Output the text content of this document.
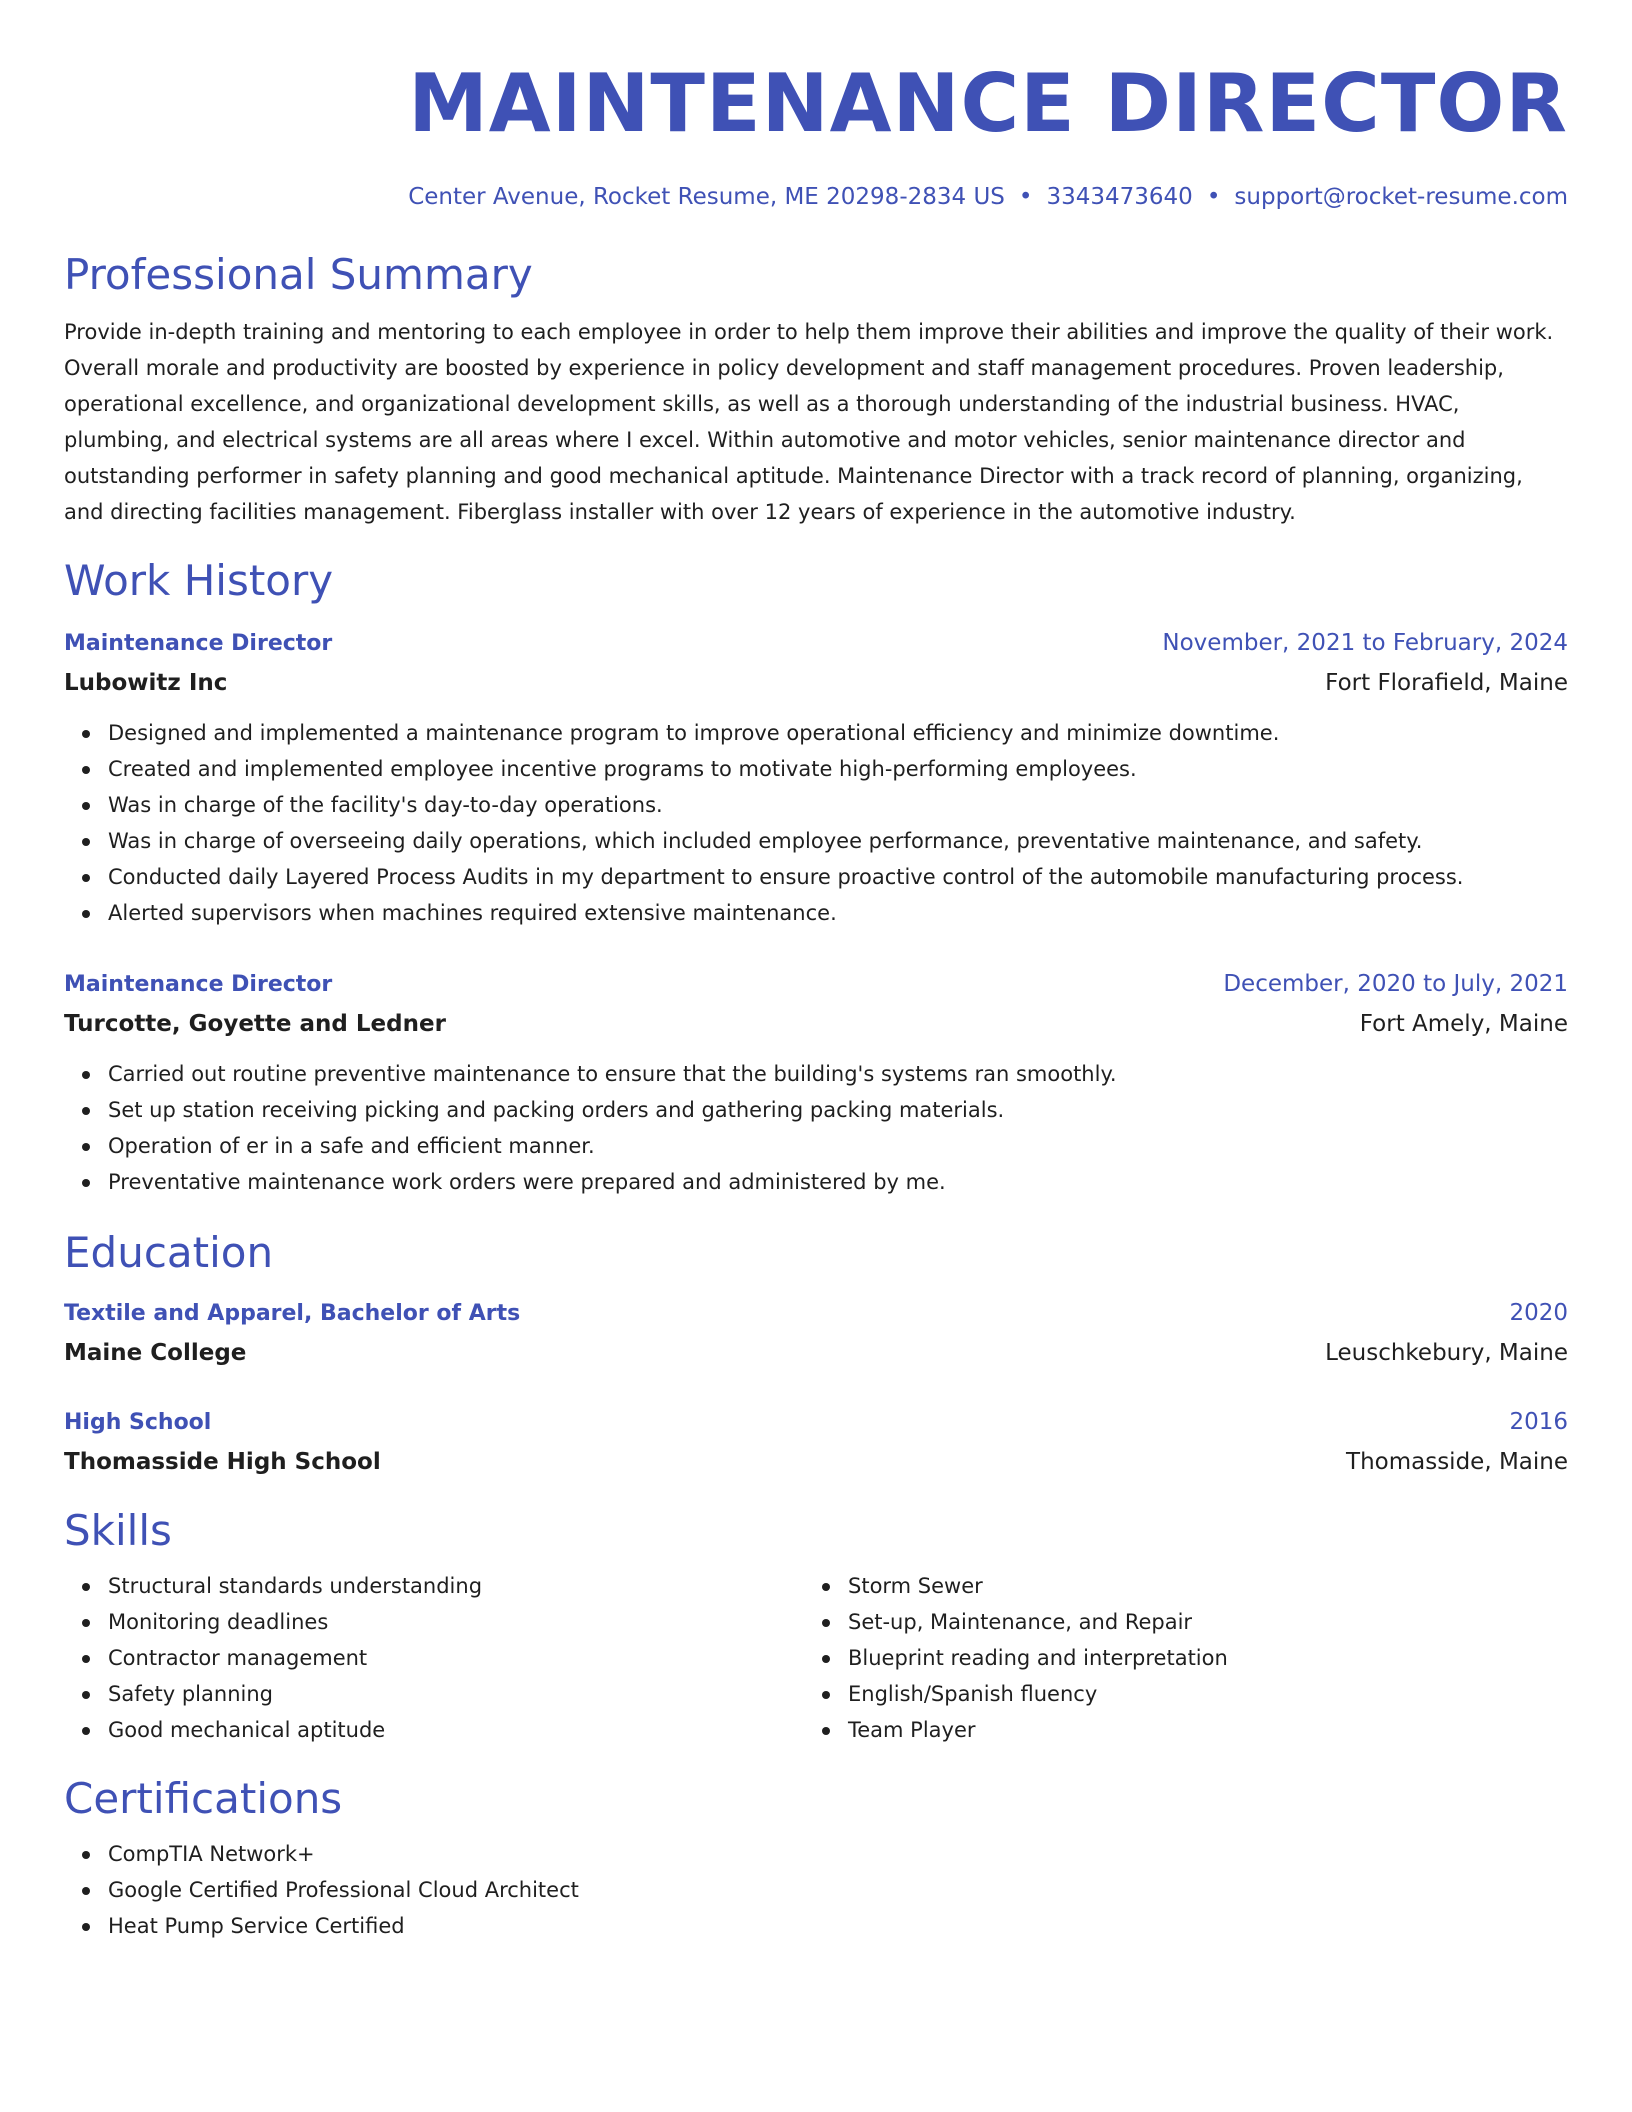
MAINTENANCE DIRECTOR
Center Avenue, Rocket Resume, ME 20298-2834 US • 3343473640 • support@rocket-resume.com
Professional Summary
Provide in-depth training and mentoring to each employee in order to help them improve their abilities and improve the quality of their work. Overall morale and productivity are boosted by experience in policy development and staff management procedures. Proven leadership, operational excellence, and organizational development skills, as well as a thorough understanding of the industrial business. HVAC, plumbing, and electrical systems are all areas where I excel. Within automotive and motor vehicles, senior maintenance director and outstanding performer in safety planning and good mechanical aptitude. Maintenance Director with a track record of planning, organizing, and directing facilities management. Fiberglass installer with over 12 years of experience in the automotive industry.
Work History
Maintenance Director	November, 2021 to February, 2024
Lubowitz Inc	Fort Florafield, Maine
Designed and implemented a maintenance program to improve operational efficiency and minimize downtime.
Created and implemented employee incentive programs to motivate high-performing employees.
Was in charge of the facility's day-to-day operations.
Was in charge of overseeing daily operations, which included employee performance, preventative maintenance, and safety.
Conducted daily Layered Process Audits in my department to ensure proactive control of the automobile manufacturing process.
Alerted supervisors when machines required extensive maintenance.
Maintenance Director	December, 2020 to July, 2021
Turcotte, Goyette and Ledner	Fort Amely, Maine
Carried out routine preventive maintenance to ensure that the building's systems ran smoothly.
Set up station receiving picking and packing orders and gathering packing materials.
Operation of er in a safe and efficient manner.
Preventative maintenance work orders were prepared and administered by me.
Education
Textile and Apparel, Bachelor of Arts	2020
Maine College	Leuschkebury, Maine
High School	2016
Thomasside High School	Thomasside, Maine
Skills
Structural standards understanding
Monitoring deadlines
Contractor management
Safety planning
Good mechanical aptitude
Storm Sewer
Set-up, Maintenance, and Repair
Blueprint reading and interpretation
English/Spanish fluency
Team Player
Certifications
CompTIA Network+
Google Certified Professional Cloud Architect
Heat Pump Service Certified
